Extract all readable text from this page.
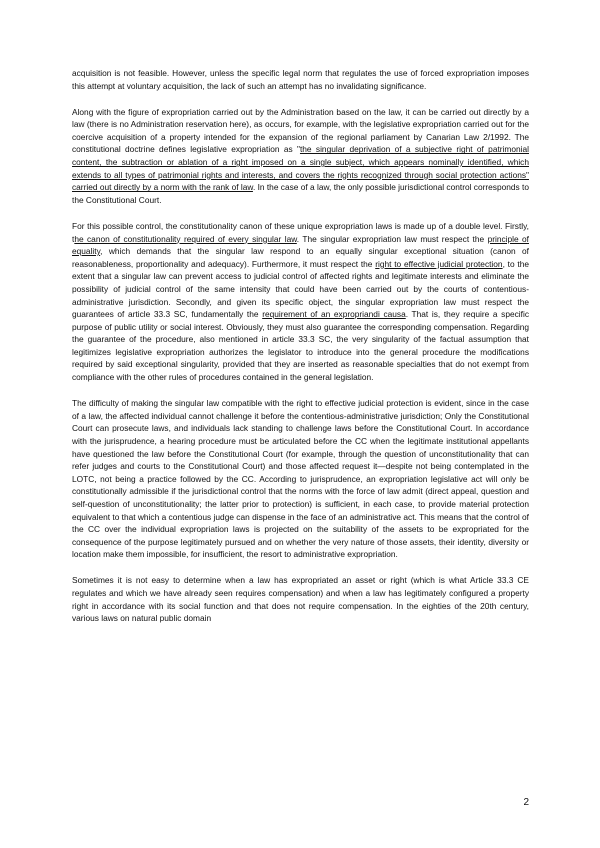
acquisition is not feasible. However, unless the specific legal norm that regulates the use of forced expropriation imposes this attempt at voluntary acquisition, the lack of such an attempt has no invalidating significance.

Along with the figure of expropriation carried out by the Administration based on the law, it can be carried out directly by a law (there is no Administration reservation here), as occurs, for example, with the legislative expropriation carried out for the coercive acquisition of a property intended for the expansion of the regional parliament by Canarian Law 2/1992. The constitutional doctrine defines legislative expropriation as "the singular deprivation of a subjective right of patrimonial content, the subtraction or ablation of a right imposed on a single subject, which appears nominally identified, which extends to all types of patrimonial rights and interests, and covers the rights recognized through social protection actions" carried out directly by a norm with the rank of law. In the case of a law, the only possible jurisdictional control corresponds to the Constitutional Court.

For this possible control, the constitutionality canon of these unique expropriation laws is made up of a double level. Firstly, the canon of constitutionality required of every singular law. The singular expropriation law must respect the principle of equality, which demands that the singular law respond to an equally singular exceptional situation (canon of reasonableness, proportionality and adequacy). Furthermore, it must respect the right to effective judicial protection, to the extent that a singular law can prevent access to judicial control of affected rights and legitimate interests and eliminate the possibility of judicial control of the same intensity that could have been carried out by the courts of contentious-administrative jurisdiction. Secondly, and given its specific object, the singular expropriation law must respect the guarantees of article 33.3 SC, fundamentally the requirement of an expropriandi causa. That is, they require a specific purpose of public utility or social interest. Obviously, they must also guarantee the corresponding compensation. Regarding the guarantee of the procedure, also mentioned in article 33.3 SC, the very singularity of the factual assumption that legitimizes legislative expropriation authorizes the legislator to introduce into the general procedure the modifications required by said exceptional singularity, provided that they are inserted as reasonable specialties that do not exempt from compliance with the other rules of procedures contained in the general legislation.

The difficulty of making the singular law compatible with the right to effective judicial protection is evident, since in the case of a law, the affected individual cannot challenge it before the contentious-administrative jurisdiction; Only the Constitutional Court can prosecute laws, and individuals lack standing to challenge laws before the Constitutional Court. In accordance with the jurisprudence, a hearing procedure must be articulated before the CC when the legitimate institutional appellants have questioned the law before the Constitutional Court (for example, through the question of unconstitutionality that can refer judges and courts to the Constitutional Court) and those affected request it—despite not being contemplated in the LOTC, not being a practice followed by the CC. According to jurisprudence, an expropriation legislative act will only be constitutionally admissible if the jurisdictional control that the norms with the force of law admit (direct appeal, question and self-question of unconstitutionality; the latter prior to protection) is sufficient, in each case, to provide material protection equivalent to that which a contentious judge can dispense in the face of an administrative act. This means that the control of the CC over the individual expropriation laws is projected on the suitability of the assets to be expropriated for the consequence of the purpose legitimately pursued and on whether the very nature of those assets, their identity, diversity or location make them impossible, for insufficient, the resort to administrative expropriation.

Sometimes it is not easy to determine when a law has expropriated an asset or right (which is what Article 33.3 CE regulates and which we have already seen requires compensation) and when a law has legitimately configured a property right in accordance with its social function and that does not require compensation. In the eighties of the 20th century, various laws on natural public domain

2
